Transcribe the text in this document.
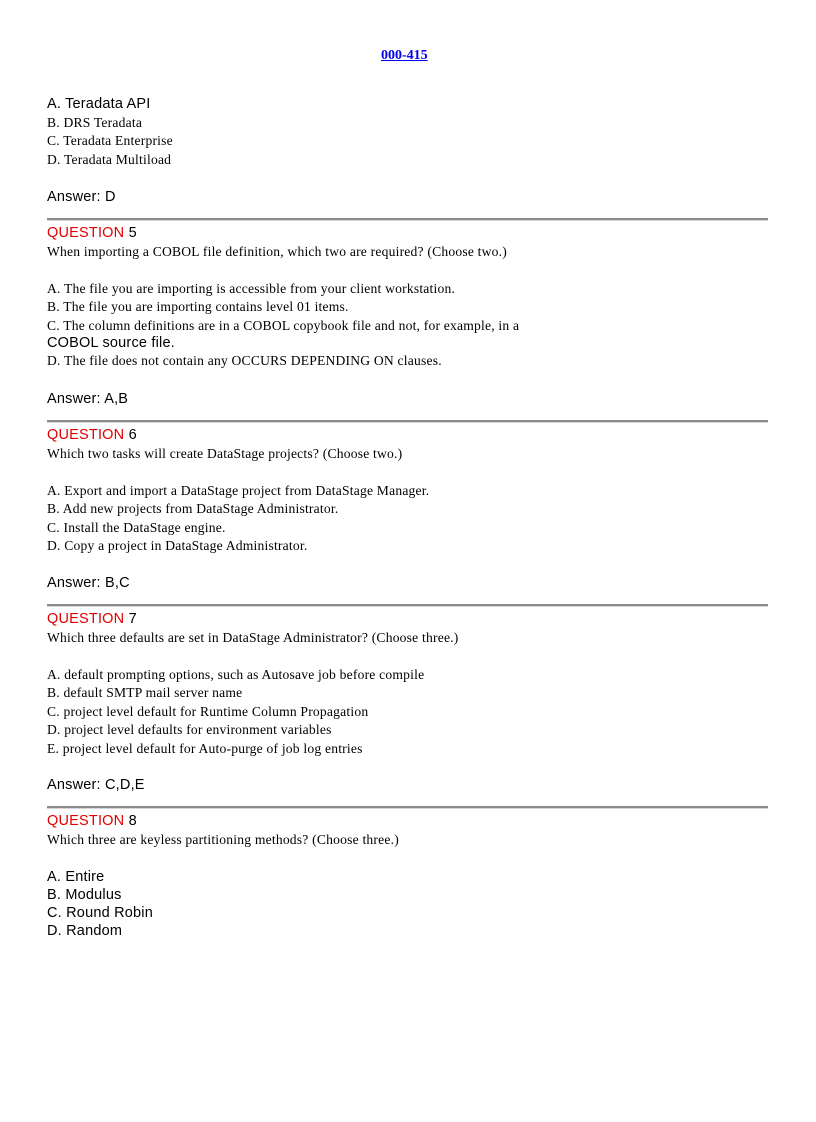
000-415
A. Teradata API
B. DRS Teradata
C. Teradata Enterprise
D. Teradata Multiload
Answer: D
QUESTION 5
When importing a COBOL file definition, which two are required? (Choose two.)
A. The file you are importing is accessible from your client workstation.
B. The file you are importing contains level 01 items.
C. The column definitions are in a COBOL copybook file and not, for example, in a
COBOL source file.
D. The file does not contain any OCCURS DEPENDING ON clauses.
Answer: A,B
QUESTION 6
Which two tasks will create DataStage projects? (Choose two.)
A. Export and import a DataStage project from DataStage Manager.
B. Add new projects from DataStage Administrator.
C. Install the DataStage engine.
D. Copy a project in DataStage Administrator.
Answer: B,C
QUESTION 7
Which three defaults are set in DataStage Administrator? (Choose three.)
A. default prompting options, such as Autosave job before compile
B. default SMTP mail server name
C. project level default for Runtime Column Propagation
D. project level defaults for environment variables
E. project level default for Auto-purge of job log entries
Answer: C,D,E
QUESTION 8
Which three are keyless partitioning methods? (Choose three.)
A. Entire
B. Modulus
C. Round Robin
D. Random
